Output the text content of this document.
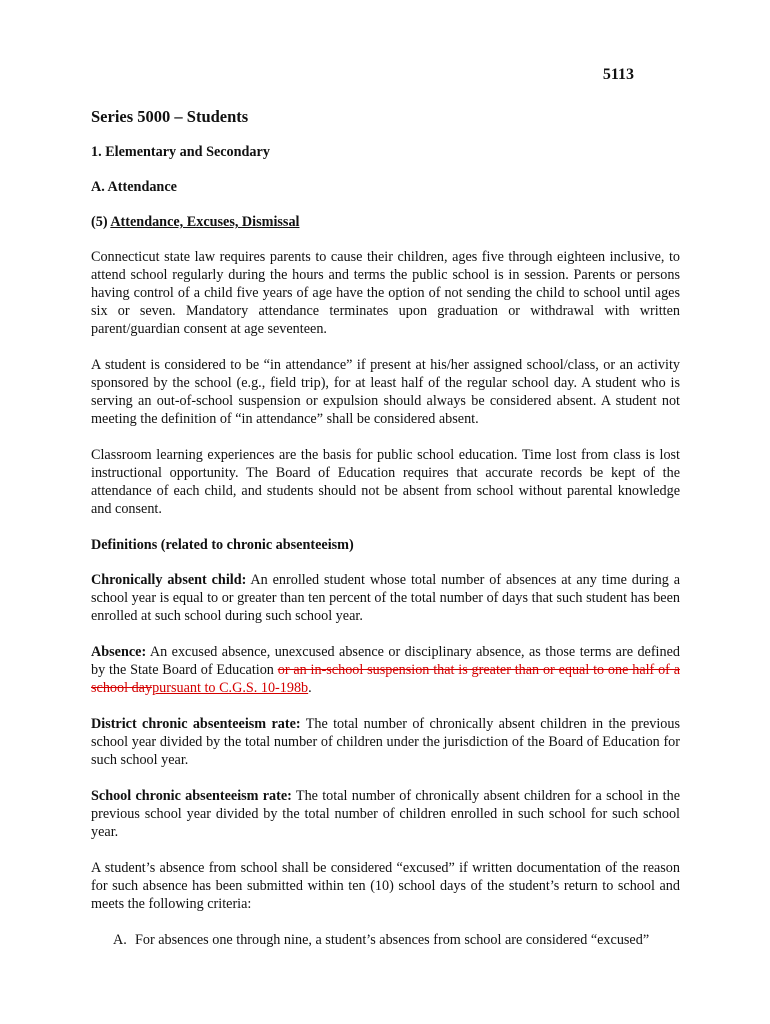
5113
Series 5000 – Students
1. Elementary and Secondary
A. Attendance
(5) Attendance, Excuses, Dismissal

Connecticut state law requires parents to cause their children, ages five through eighteen inclusive, to attend school regularly during the hours and terms the public school is in session. Parents or persons having control of a child five years of age have the option of not sending the child to school until ages six or seven. Mandatory attendance terminates upon graduation or withdrawal with written parent/guardian consent at age seventeen.

A student is considered to be “in attendance” if present at his/her assigned school/class, or an activity sponsored by the school (e.g., field trip), for at least half of the regular school day. A student who is serving an out-of-school suspension or expulsion should always be considered absent. A student not meeting the definition of “in attendance” shall be considered absent.

Classroom learning experiences are the basis for public school education. Time lost from class is lost instructional opportunity. The Board of Education requires that accurate records be kept of the attendance of each child, and students should not be absent from school without parental knowledge and consent.

Definitions (related to chronic absenteeism)

Chronically absent child: An enrolled student whose total number of absences at any time during a school year is equal to or greater than ten percent of the total number of days that such student has been enrolled at such school during such school year.

Absence: An excused absence, unexcused absence or disciplinary absence, as those terms are defined by the State Board of Education or an in-school suspension that is greater than or equal to one half of a school daypursuant to C.G.S. 10-198b.

District chronic absenteeism rate: The total number of chronically absent children in the previous school year divided by the total number of children under the jurisdiction of the Board of Education for such school year.

School chronic absenteeism rate: The total number of chronically absent children for a school in the previous school year divided by the total number of children enrolled in such school for such school year.

A student’s absence from school shall be considered “excused” if written documentation of the reason for such absence has been submitted within ten (10) school days of the student’s return to school and meets the following criteria:

A. For absences one through nine, a student’s absences from school are considered “excused”
